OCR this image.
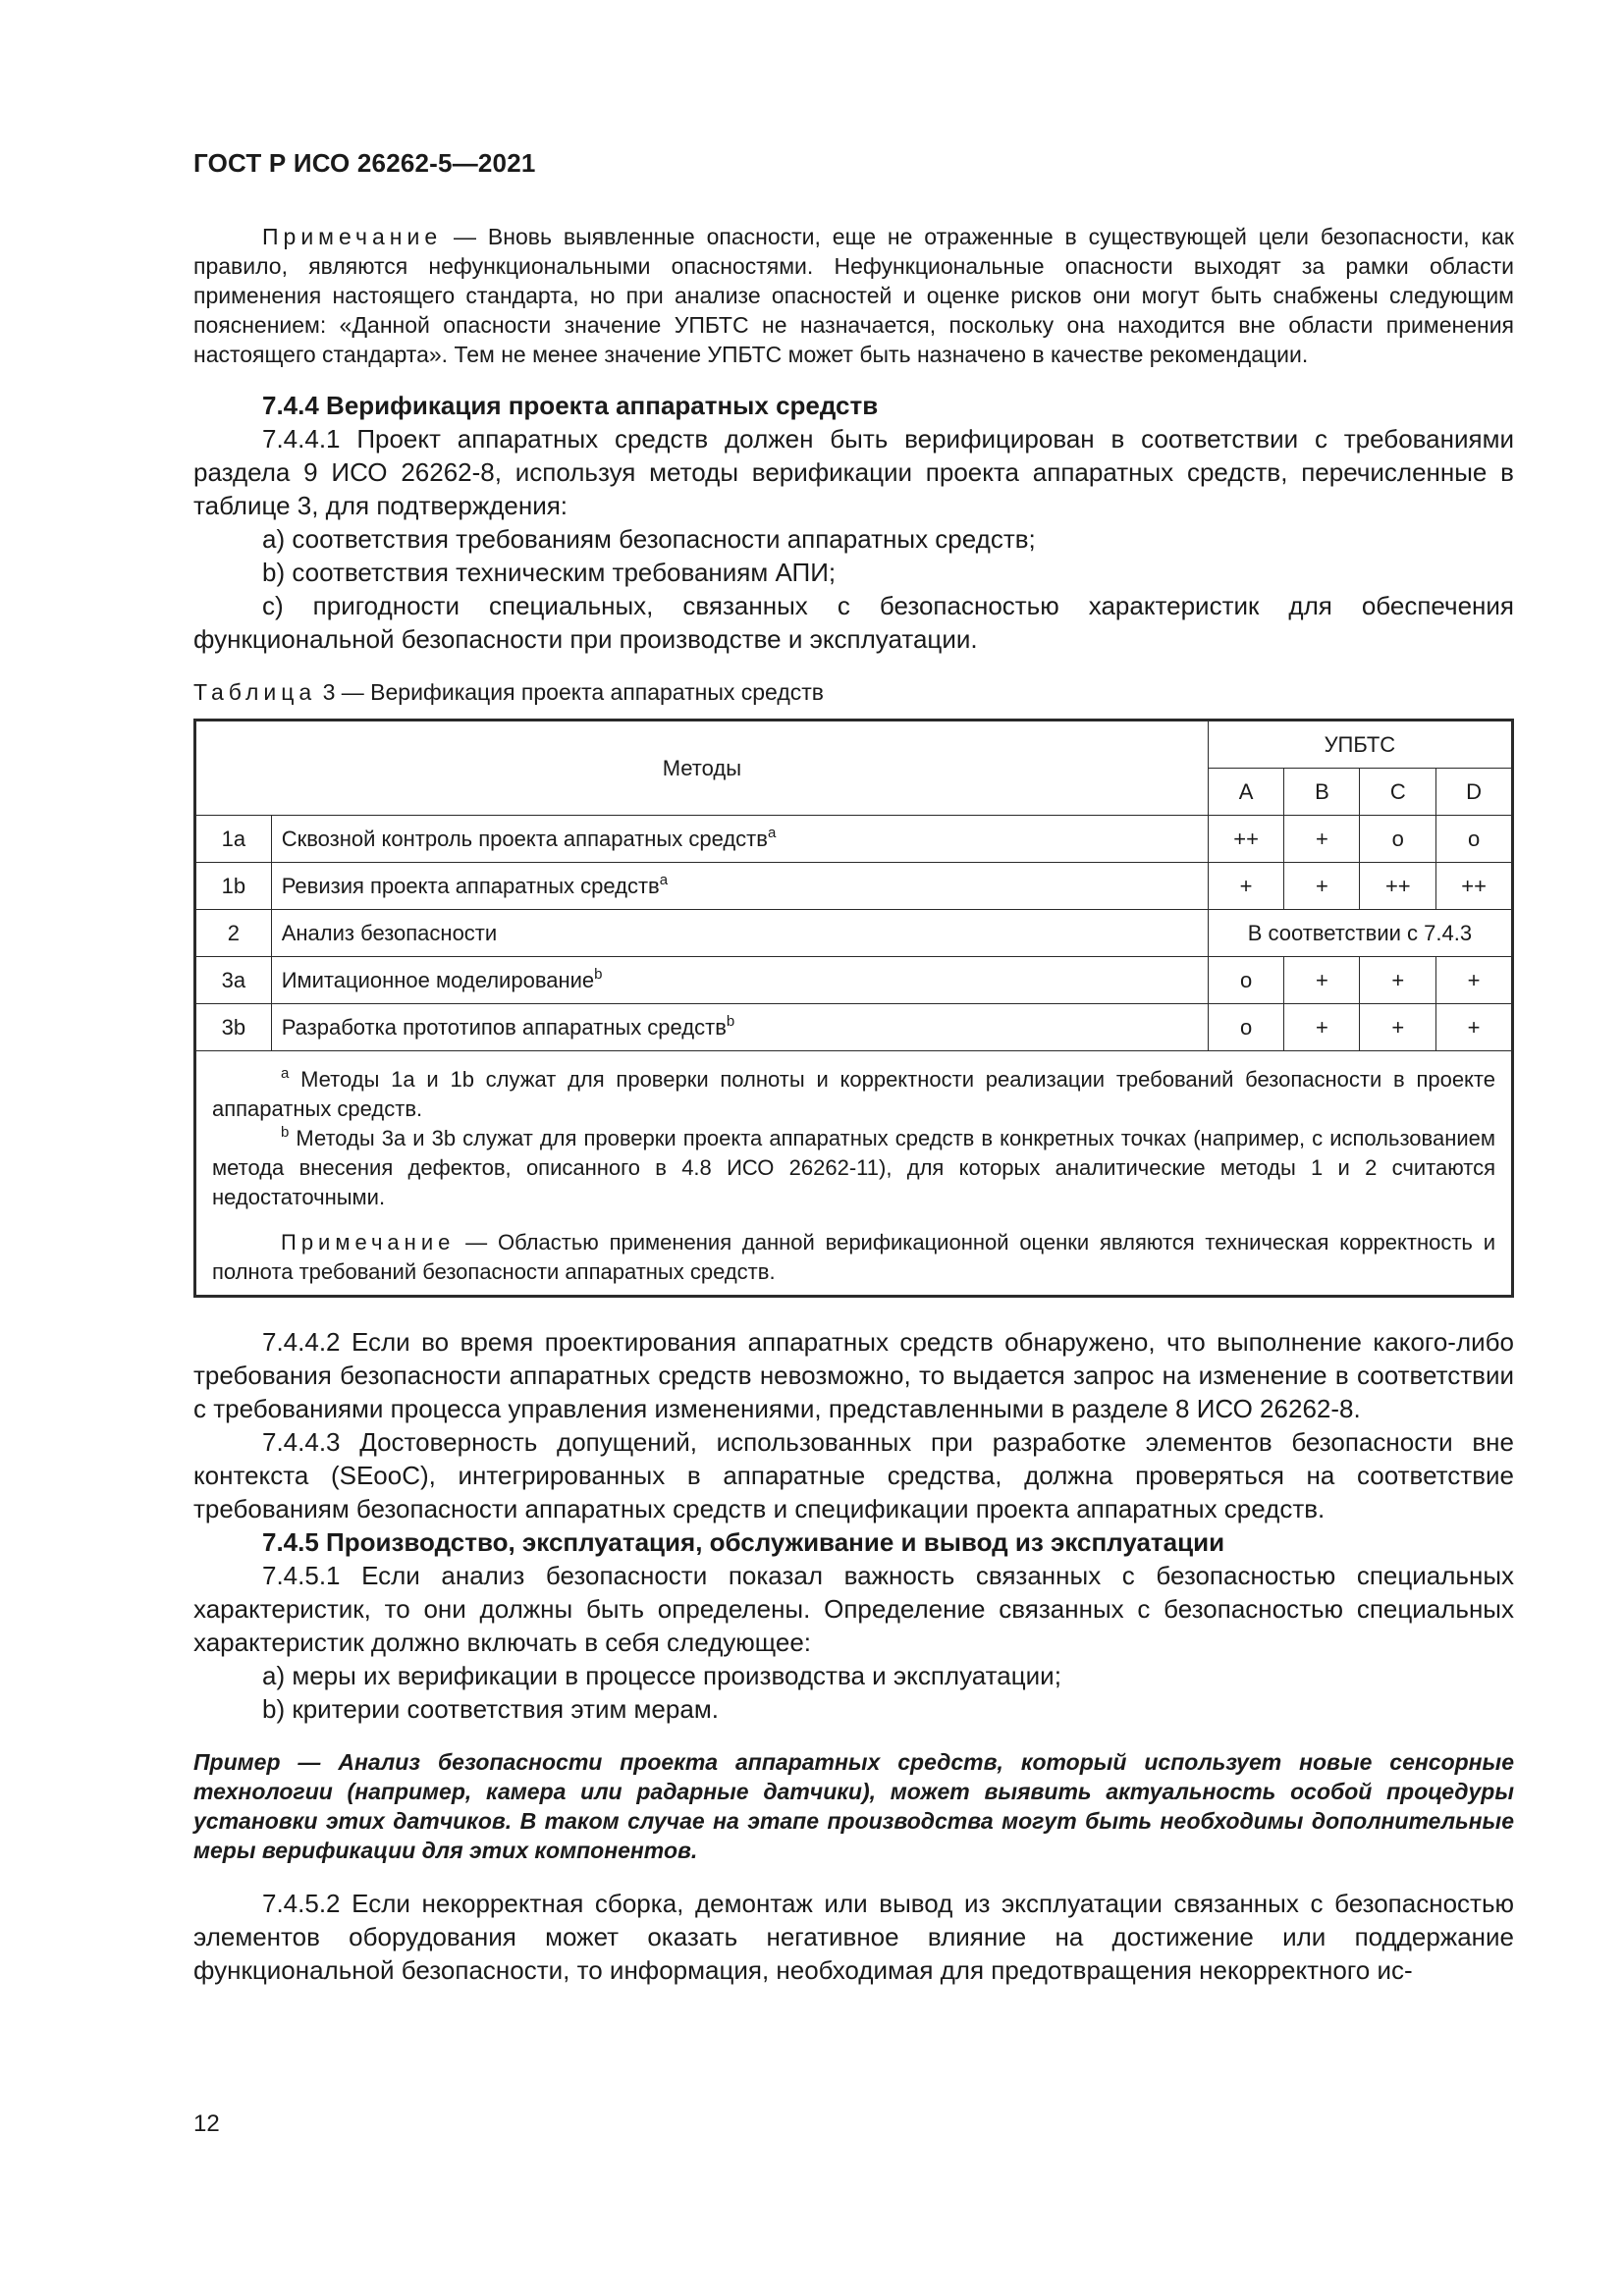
ГОСТ Р ИСО 26262-5—2021

Примечание — Вновь выявленные опасности, еще не отраженные в существующей цели безопасности, как правило, являются нефункциональными опасностями. Нефункциональные опасности выходят за рамки области применения настоящего стандарта, но при анализе опасностей и оценке рисков они могут быть снабжены следующим пояснением: «Данной опасности значение УПБТС не назначается, поскольку она находится вне области применения настоящего стандарта». Тем не менее значение УПБТС может быть назначено в качестве рекомендации.

7.4.4 Верификация проекта аппаратных средств

7.4.4.1 Проект аппаратных средств должен быть верифицирован в соответствии с требованиями раздела 9 ИСО 26262-8, используя методы верификации проекта аппаратных средств, перечисленные в таблице 3, для подтверждения:

a) соответствия требованиям безопасности аппаратных средств;

b) соответствия техническим требованиям АПИ;

c) пригодности специальных, связанных с безопасностью характеристик для обеспечения функциональной безопасности при производстве и эксплуатации.

Таблица 3 — Верификация проекта аппаратных средств

Методы		УПБТС			
		A	B	C	D
1a	Сквозной контроль проекта аппаратных средств$^a$	++	+	o	o
1b	Ревизия проекта аппаратных средств$^a$	+	+	++	++
2	Анализ безопасности	В соответствии с 7.4.3			
3a	Имитационное моделирование$^b$	o	+	+	+
3b	Разработка прототипов аппаратных средств$^b$	o	+	+	+

$^a$ Методы 1a и 1b служат для проверки полноты и корректности реализации требований безопасности в проекте аппаратных средств.

$^b$ Методы 3a и 3b служат для проверки проекта аппаратных средств в конкретных точках (например, с использованием метода внесения дефектов, описанного в 4.8 ИСО 26262-11), для которых аналитические методы 1 и 2 считаются недостаточными.

Примечание — Областью применения данной верификационной оценки являются техническая корректность и полнота требований безопасности аппаратных средств.					

7.4.4.2 Если во время проектирования аппаратных средств обнаружено, что выполнение какого-либо требования безопасности аппаратных средств невозможно, то выдается запрос на изменение в соответствии с требованиями процесса управления изменениями, представленными в разделе 8 ИСО 26262-8.

7.4.4.3 Достоверность допущений, использованных при разработке элементов безопасности вне контекста (SEooC), интегрированных в аппаратные средства, должна проверяться на соответствие требованиям безопасности аппаратных средств и спецификации проекта аппаратных средств.

7.4.5 Производство, эксплуатация, обслуживание и вывод из эксплуатации

7.4.5.1 Если анализ безопасности показал важность связанных с безопасностью специальных характеристик, то они должны быть определены. Определение связанных с безопасностью специальных характеристик должно включать в себя следующее:

a) меры их верификации в процессе производства и эксплуатации;

b) критерии соответствия этим мерам.

Пример — Анализ безопасности проекта аппаратных средств, который использует новые сенсорные технологии (например, камера или радарные датчики), может выявить актуальность особой процедуры установки этих датчиков. В таком случае на этапе производства могут быть необходимы дополнительные меры верификации для этих компонентов.

7.4.5.2 Если некорректная сборка, демонтаж или вывод из эксплуатации связанных с безопасностью элементов оборудования может оказать негативное влияние на достижение или поддержание функциональной безопасности, то информация, необходимая для предотвращения некорректного ис-

12
